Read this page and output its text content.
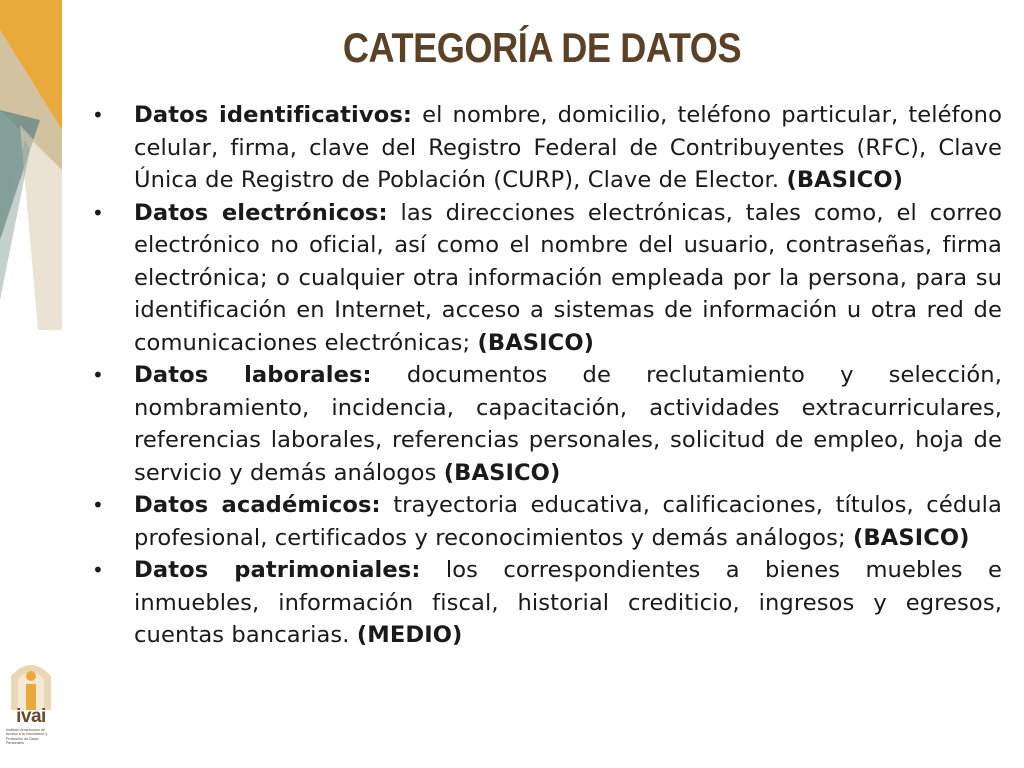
CATEGORÍA DE DATOS
• Datos identificativos: el nombre, domicilio, teléfono particular, teléfono celular, firma, clave del Registro Federal de Contribuyentes (RFC), Clave Única de Registro de Población (CURP), Clave de Elector. (BASICO)
• Datos electrónicos: las direcciones electrónicas, tales como, el correo electrónico no oficial, así como el nombre del usuario, contraseñas, firma electrónica; o cualquier otra información empleada por la persona, para su identificación en Internet, acceso a sistemas de información u otra red de comunicaciones electrónicas; (BASICO)
• Datos laborales: documentos de reclutamiento y selección, nombramiento, incidencia, capacitación, actividades extracurriculares, referencias laborales, referencias personales, solicitud de empleo, hoja de servicio y demás análogos (BASICO)
• Datos académicos: trayectoria educativa, calificaciones, títulos, cédula profesional, certificados y reconocimientos y demás análogos; (BASICO)
• Datos patrimoniales: los correspondientes a bienes muebles e inmuebles, información fiscal, historial crediticio, ingresos y egresos, cuentas bancarias. (MEDIO)
ivai
Instituto Veracruzano de Acceso a la Información y Protección de Datos Personales
